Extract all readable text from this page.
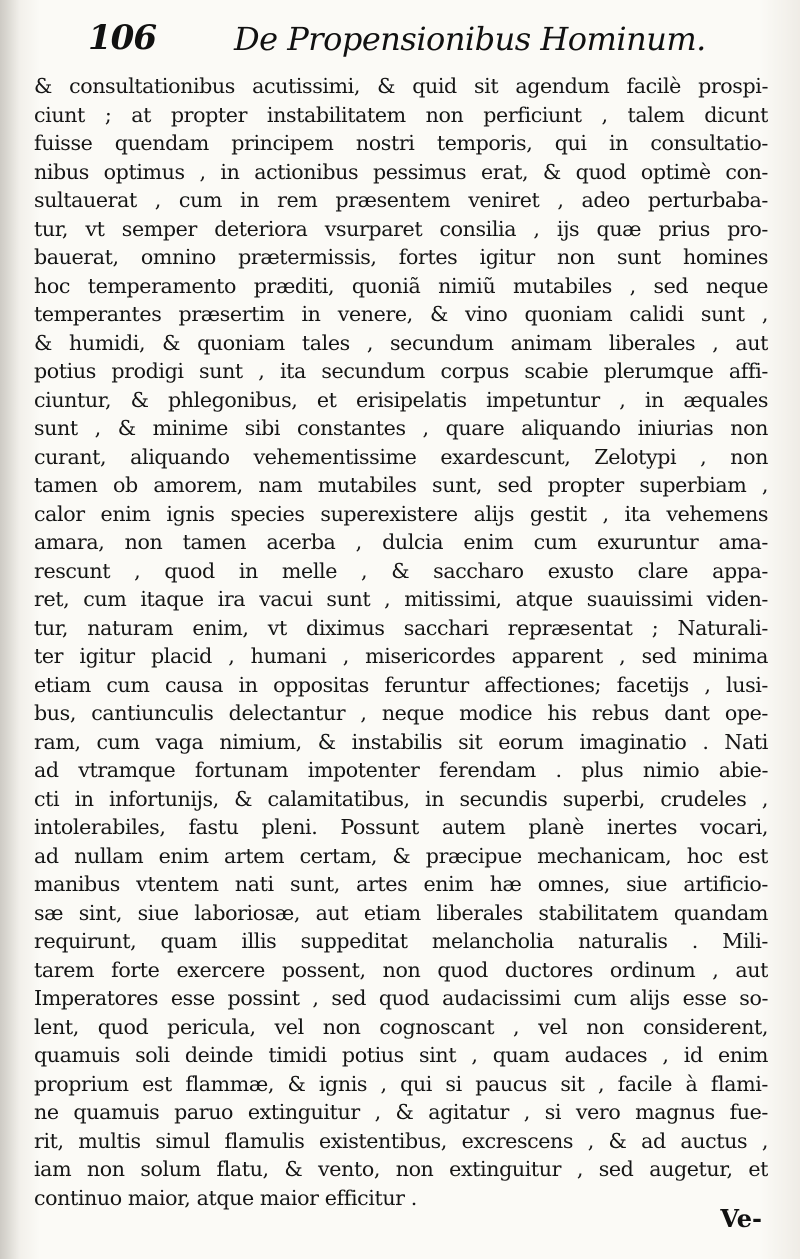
106 De Propensionibus Hominum.
& consultationibus acutissimi, & quid sit agendum facilè prospi-
ciunt ; at propter instabilitatem non perficiunt , talem dicunt
fuisse quendam principem nostri temporis, qui in consultatio-
nibus optimus , in actionibus pessimus erat, & quod optimè con-
sultauerat , cum in rem præsentem veniret , adeo perturbaba-
tur, vt semper deteriora vsurparet consilia , ijs quæ prius pro-
bauerat, omnino prætermissis, fortes igitur non sunt homines
hoc temperamento præditi, quoniã nimiũ mutabiles , sed neque
temperantes præsertim in venere, & vino quoniam calidi sunt ,
& humidi, & quoniam tales , secundum animam liberales , aut
potius prodigi sunt , ita secundum corpus scabie plerumque affi-
ciuntur, & phlegonibus, et erisipelatis impetuntur , in æquales
sunt , & minime sibi constantes , quare aliquando iniurias non
curant, aliquando vehementissime exardescunt, Zelotypi , non
tamen ob amorem, nam mutabiles sunt, sed propter superbiam ,
calor enim ignis species superexistere alijs gestit , ita vehemens
amara, non tamen acerba , dulcia enim cum exuruntur ama-
rescunt , quod in melle , & saccharo exusto clare appa-
ret, cum itaque ira vacui sunt , mitissimi, atque suauissimi viden-
tur, naturam enim, vt diximus sacchari repræsentat ; Naturali-
ter igitur placid , humani , misericordes apparent , sed minima
etiam cum causa in oppositas feruntur affectiones; facetijs , lusi-
bus, cantiunculis delectantur , neque modice his rebus dant ope-
ram, cum vaga nimium, & instabilis sit eorum imaginatio . Nati
ad vtramque fortunam impotenter ferendam . plus nimio abie-
cti in infortunijs, & calamitatibus, in secundis superbi, crudeles ,
intolerabiles, fastu pleni. Possunt autem planè inertes vocari,
ad nullam enim artem certam, & præcipue mechanicam, hoc est
manibus vtentem nati sunt, artes enim hæ omnes, siue artificio-
sæ sint, siue laboriosæ, aut etiam liberales stabilitatem quandam
requirunt, quam illis suppeditat melancholia naturalis . Mili-
tarem forte exercere possent, non quod ductores ordinum , aut
Imperatores esse possint , sed quod audacissimi cum alijs esse so-
lent, quod pericula, vel non cognoscant , vel non considerent,
quamuis soli deinde timidi potius sint , quam audaces , id enim
proprium est flammæ, & ignis , qui si paucus sit , facile à flami-
ne quamuis paruo extinguitur , & agitatur , si vero magnus fue-
rit, multis simul flamulis existentibus, excrescens , & ad auctus ,
iam non solum flatu, & vento, non extinguitur , sed augetur, et
continuo maior, atque maior efficitur .
Ve-
